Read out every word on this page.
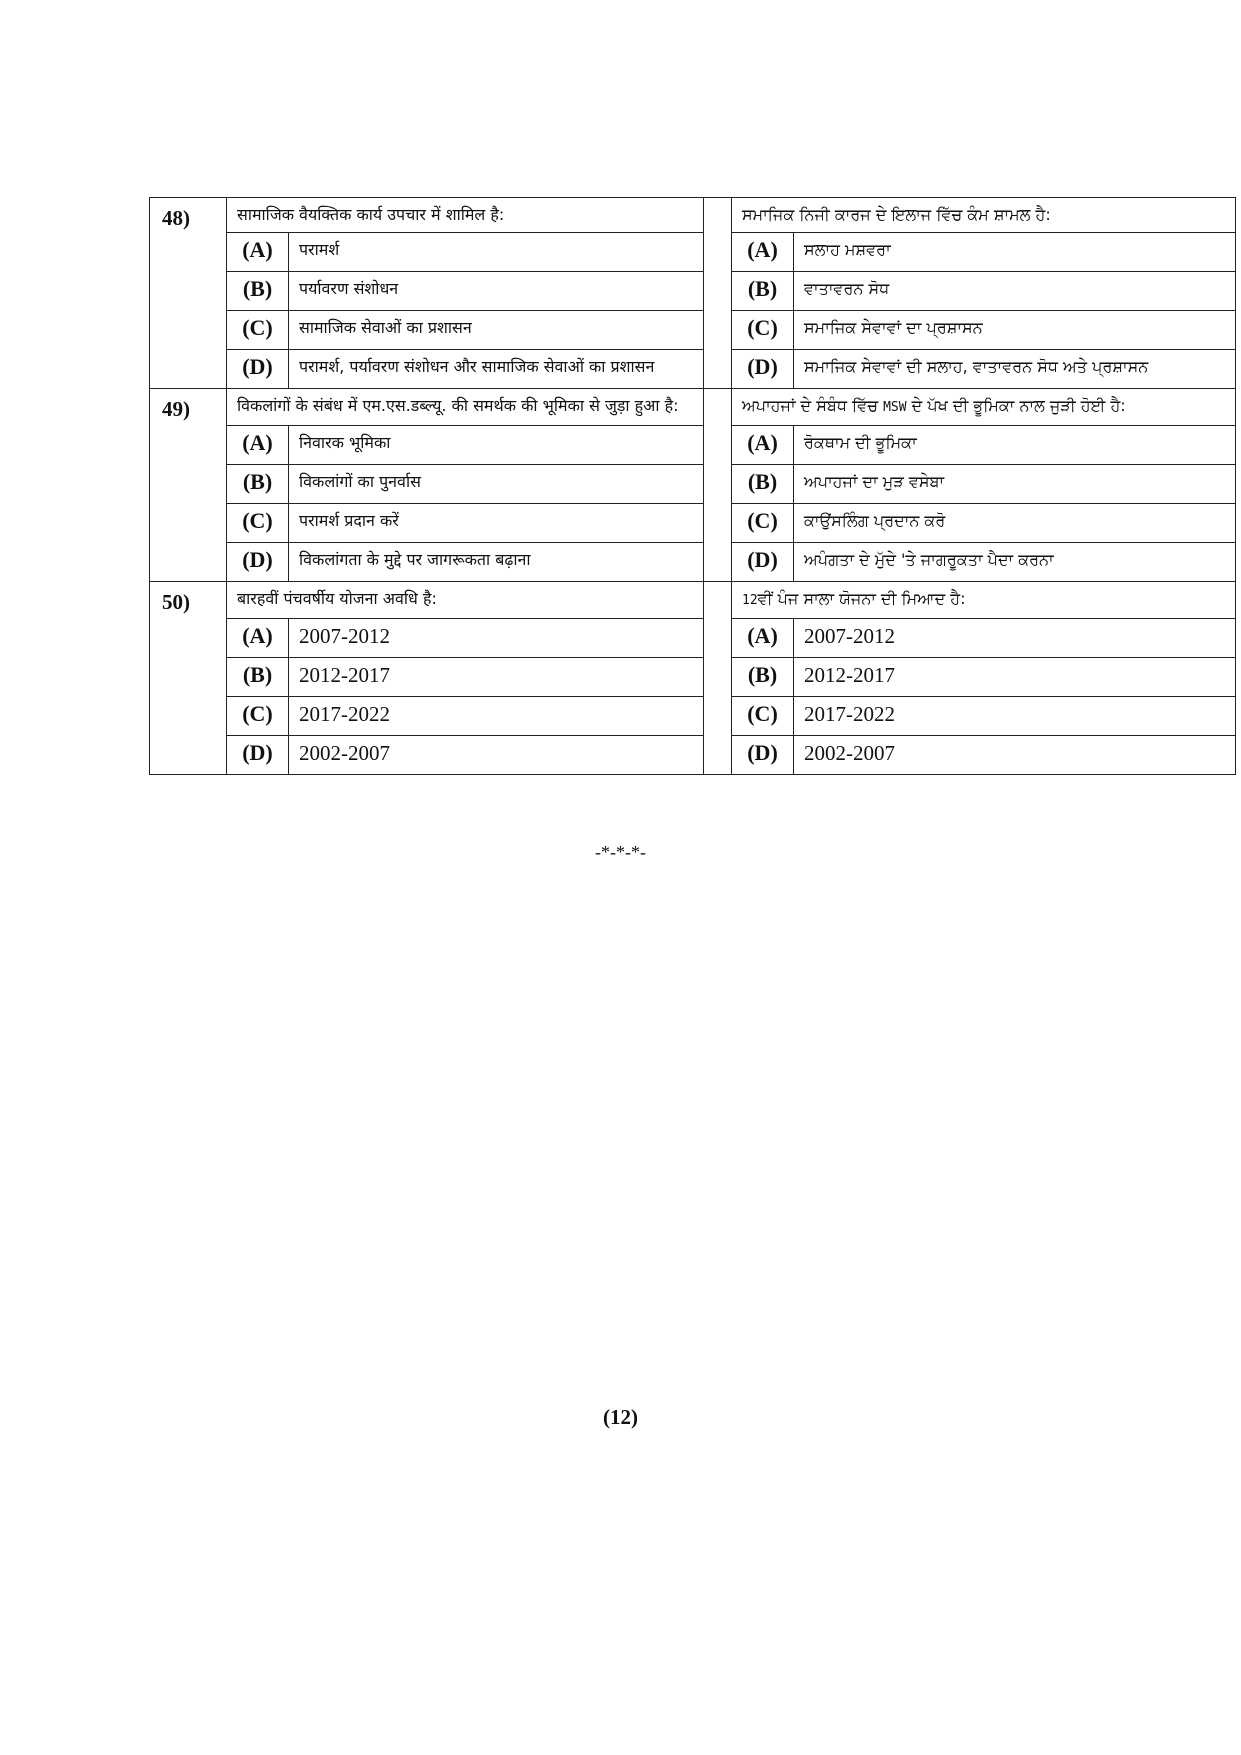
48)	सामाजिक वैयक्तिक कार्य उपचार में शामिल है:			ਸਮਾਜਿਕ ਨਿਜੀ ਕਾਰਜ ਦੇ ਇਲਾਜ ਵਿੱਚ ਕੰਮ ਸ਼ਾਮਲ ਹੈ:	
	(A)	परामर्श		(A)	ਸਲਾਹ ਮਸ਼ਵਰਾ
	(B)	पर्यावरण संशोधन		(B)	ਵਾਤਾਵਰਨ ਸੋਧ
	(C)	सामाजिक सेवाओं का प्रशासन		(C)	ਸਮਾਜਿਕ ਸੇਵਾਵਾਂ ਦਾ ਪ੍ਰਸ਼ਾਸਨ
	(D)	परामर्श, पर्यावरण संशोधन और सामाजिक सेवाओं का प्रशासन		(D)	ਸਮਾਜਿਕ ਸੇਵਾਵਾਂ ਦੀ ਸਲਾਹ, ਵਾਤਾਵਰਨ ਸੋਧ ਅਤੇ ਪ੍ਰਸ਼ਾਸਨ
49)	विकलांगों के संबंध में एम.एस.डब्ल्यू. की समर्थक की भूमिका से जुड़ा हुआ है:			ਅਪਾਹਜਾਂ ਦੇ ਸੰਬੰਧ ਵਿੱਚ MSW ਦੇ ਪੱਖ ਦੀ ਭੂਮਿਕਾ ਨਾਲ ਜੁੜੀ ਹੋਈ ਹੈ:	
	(A)	निवारक भूमिका		(A)	ਰੋਕਥਾਮ ਦੀ ਭੂਮਿਕਾ
	(B)	विकलांगों का पुनर्वास		(B)	ਅਪਾਹਜਾਂ ਦਾ ਮੁੜ ਵਸੇਬਾ
	(C)	परामर्श प्रदान करें		(C)	ਕਾਉਂਸਲਿੰਗ ਪ੍ਰਦਾਨ ਕਰੋ
	(D)	विकलांगता के मुद्दे पर जागरूकता बढ़ाना		(D)	ਅਪੰਗਤਾ ਦੇ ਮੁੱਦੇ 'ਤੇ ਜਾਗਰੂਕਤਾ ਪੈਦਾ ਕਰਨਾ
50)	बारहवीं पंचवर्षीय योजना अवधि है:			12ਵੀਂ ਪੰਜ ਸਾਲਾ ਯੋਜਨਾ ਦੀ ਮਿਆਦ ਹੈ:	
	(A)	2007-2012		(A)	2007-2012
	(B)	2012-2017		(B)	2012-2017
	(C)	2017-2022		(C)	2017-2022
	(D)	2002-2007		(D)	2002-2007
-*-*-*-
(12)
